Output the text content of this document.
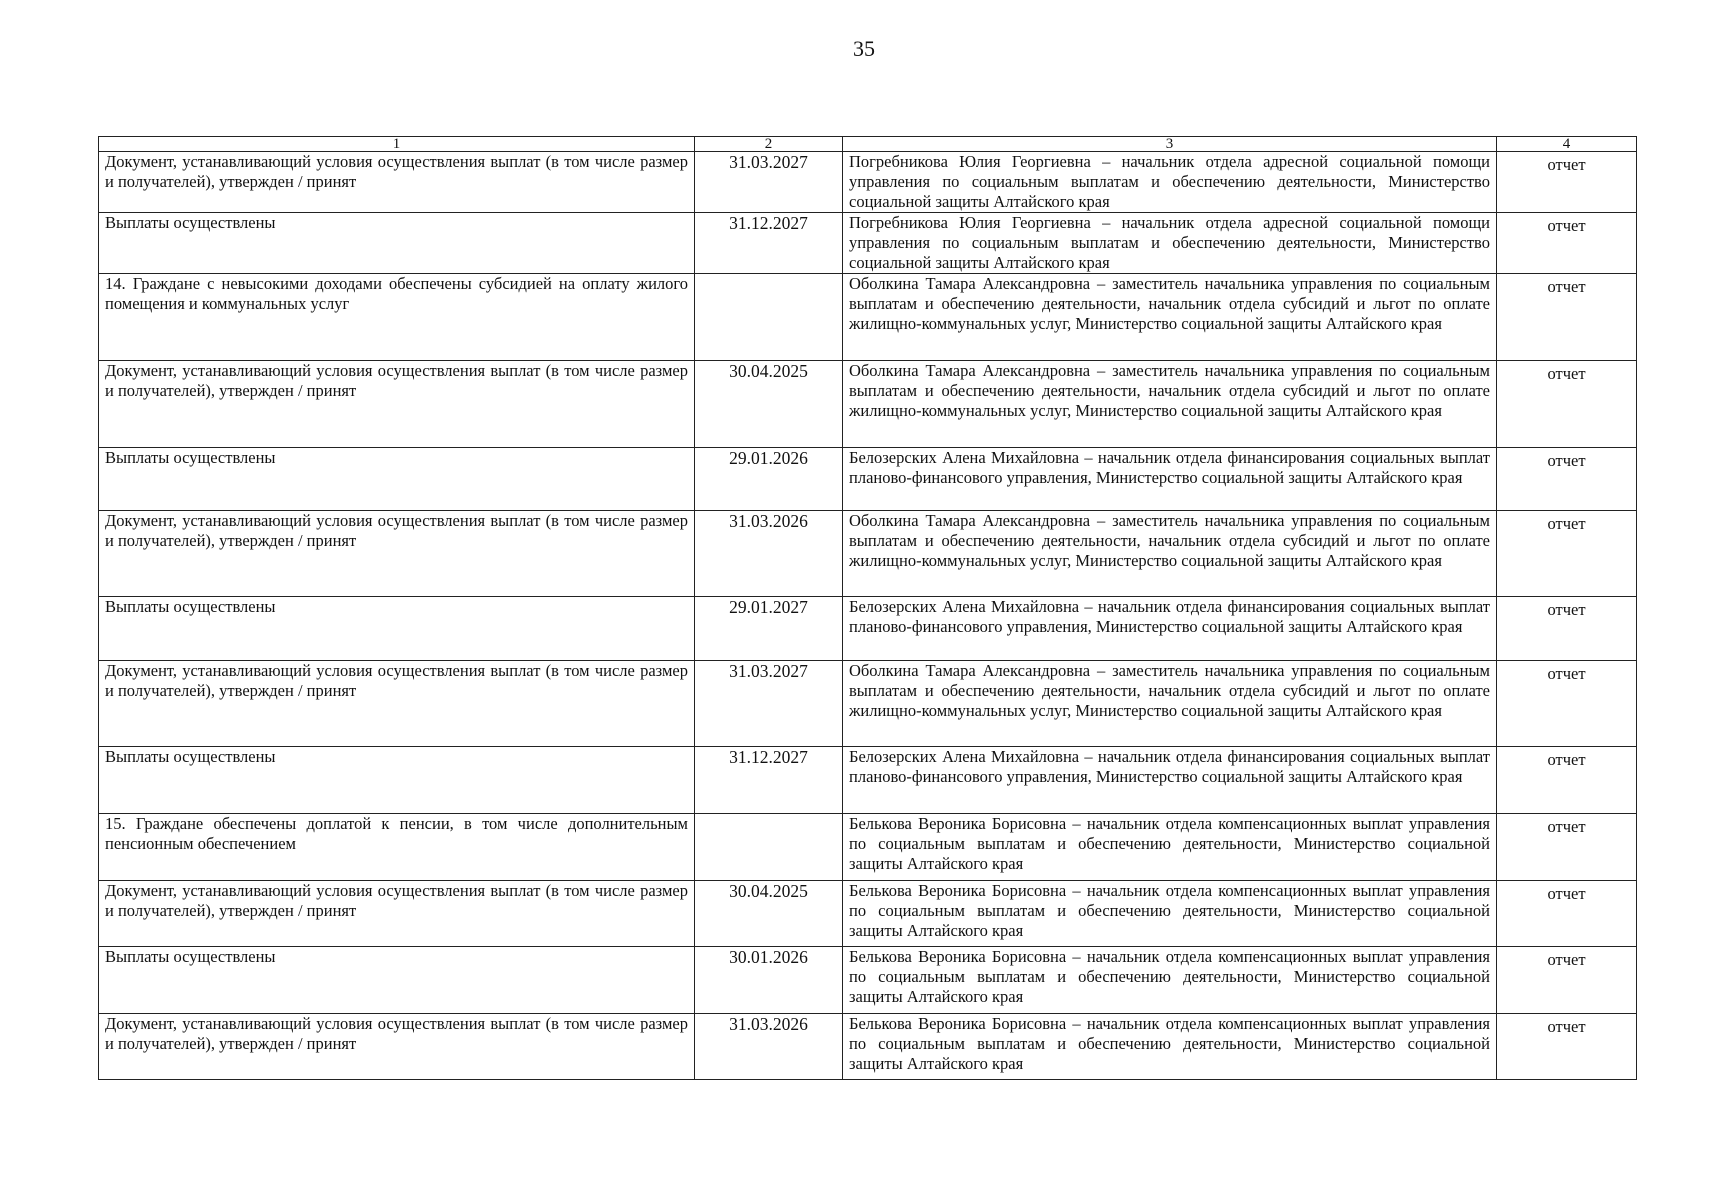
35
1	2	3	4
Документ, устанавливающий условия осуществления выплат (в том числе размер и получателей), утвержден / принят	31.03.2027	Погребникова Юлия Георгиевна – начальник отдела адресной социальной помощи управления по социальным выплатам и обеспечению деятельности, Министерство социальной защиты Алтайского края	отчет
Выплаты осуществлены	31.12.2027	Погребникова Юлия Георгиевна – начальник отдела адресной социальной помощи управления по социальным выплатам и обеспечению деятельности, Министерство социальной защиты Алтайского края	отчет
14. Граждане с невысокими доходами обеспечены субсидией на оплату жилого помещения и коммунальных услуг		Оболкина Тамара Александровна – заместитель начальника управления по социальным выплатам и обеспечению деятельности, начальник отдела субсидий и льгот по оплате жилищно-коммунальных услуг, Министерство социальной защиты Алтайского края	отчет
Документ, устанавливающий условия осуществления выплат (в том числе размер и получателей), утвержден / принят	30.04.2025	Оболкина Тамара Александровна – заместитель начальника управления по социальным выплатам и обеспечению деятельности, начальник отдела субсидий и льгот по оплате жилищно-коммунальных услуг, Министерство социальной защиты Алтайского края	отчет
Выплаты осуществлены	29.01.2026	Белозерских Алена Михайловна – начальник отдела финансирования социальных выплат планово-финансового управления, Министерство социальной защиты Алтайского края	отчет
Документ, устанавливающий условия осуществления выплат (в том числе размер и получателей), утвержден / принят	31.03.2026	Оболкина Тамара Александровна – заместитель начальника управления по социальным выплатам и обеспечению деятельности, начальник отдела субсидий и льгот по оплате жилищно-коммунальных услуг, Министерство социальной защиты Алтайского края	отчет
Выплаты осуществлены	29.01.2027	Белозерских Алена Михайловна – начальник отдела финансирования социальных выплат планово-финансового управления, Министерство социальной защиты Алтайского края	отчет
Документ, устанавливающий условия осуществления выплат (в том числе размер и получателей), утвержден / принят	31.03.2027	Оболкина Тамара Александровна – заместитель начальника управления по социальным выплатам и обеспечению деятельности, начальник отдела субсидий и льгот по оплате жилищно-коммунальных услуг, Министерство социальной защиты Алтайского края	отчет
Выплаты осуществлены	31.12.2027	Белозерских Алена Михайловна – начальник отдела финансирования социальных выплат планово-финансового управления, Министерство социальной защиты Алтайского края	отчет
15. Граждане обеспечены доплатой к пенсии, в том числе дополнительным пенсионным обеспечением		Белькова Вероника Борисовна – начальник отдела компенсационных выплат управления по социальным выплатам и обеспечению деятельности, Министерство социальной защиты Алтайского края	отчет
Документ, устанавливающий условия осуществления выплат (в том числе размер и получателей), утвержден / принят	30.04.2025	Белькова Вероника Борисовна – начальник отдела компенсационных выплат управления по социальным выплатам и обеспечению деятельности, Министерство социальной защиты Алтайского края	отчет
Выплаты осуществлены	30.01.2026	Белькова Вероника Борисовна – начальник отдела компенсационных выплат управления по социальным выплатам и обеспечению деятельности, Министерство социальной защиты Алтайского края	отчет
Документ, устанавливающий условия осуществления выплат (в том числе размер и получателей), утвержден / принят	31.03.2026	Белькова Вероника Борисовна – начальник отдела компенсационных выплат управления по социальным выплатам и обеспечению деятельности, Министерство социальной защиты Алтайского края	отчет
